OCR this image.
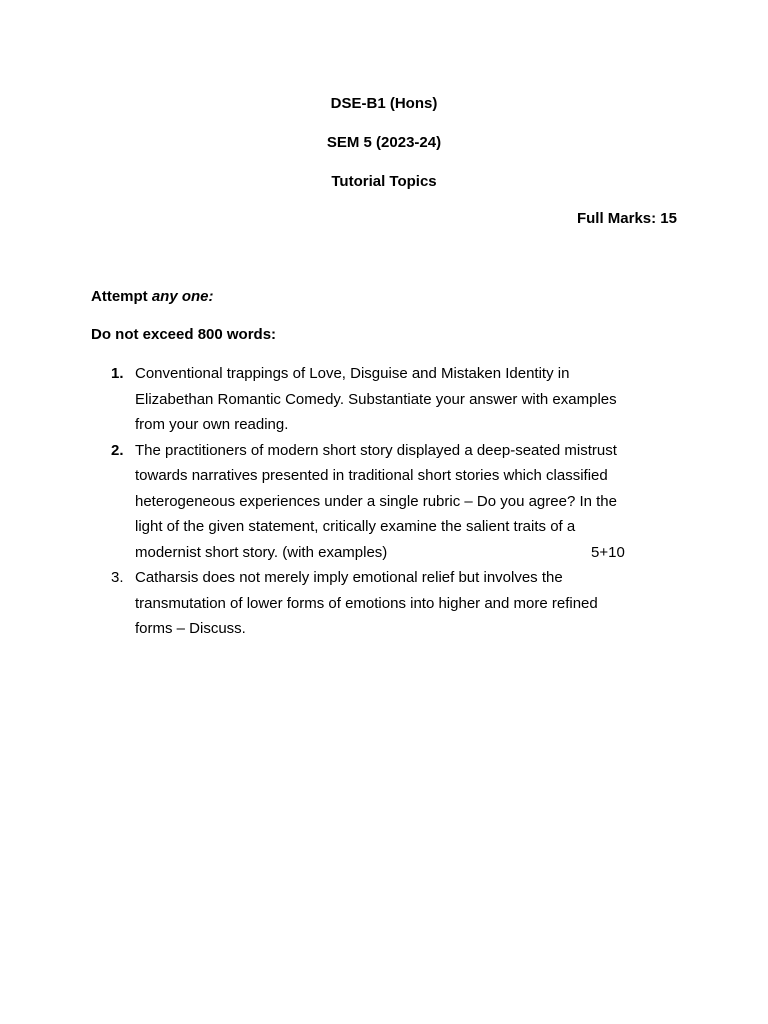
DSE-B1 (Hons)
SEM 5 (2023-24)
Tutorial Topics
Full Marks: 15
Attempt any one:
Do not exceed 800 words:
1. Conventional trappings of Love, Disguise and Mistaken Identity in
Elizabethan Romantic Comedy. Substantiate your answer with examples
from your own reading.
2. The practitioners of modern short story displayed a deep-seated mistrust
towards narratives presented in traditional short stories which classified
heterogeneous experiences under a single rubric – Do you agree? In the
light of the given statement, critically examine the salient traits of a
modernist short story. (with examples)	5+10
3. Catharsis does not merely imply emotional relief but involves the
transmutation of lower forms of emotions into higher and more refined
forms – Discuss.
